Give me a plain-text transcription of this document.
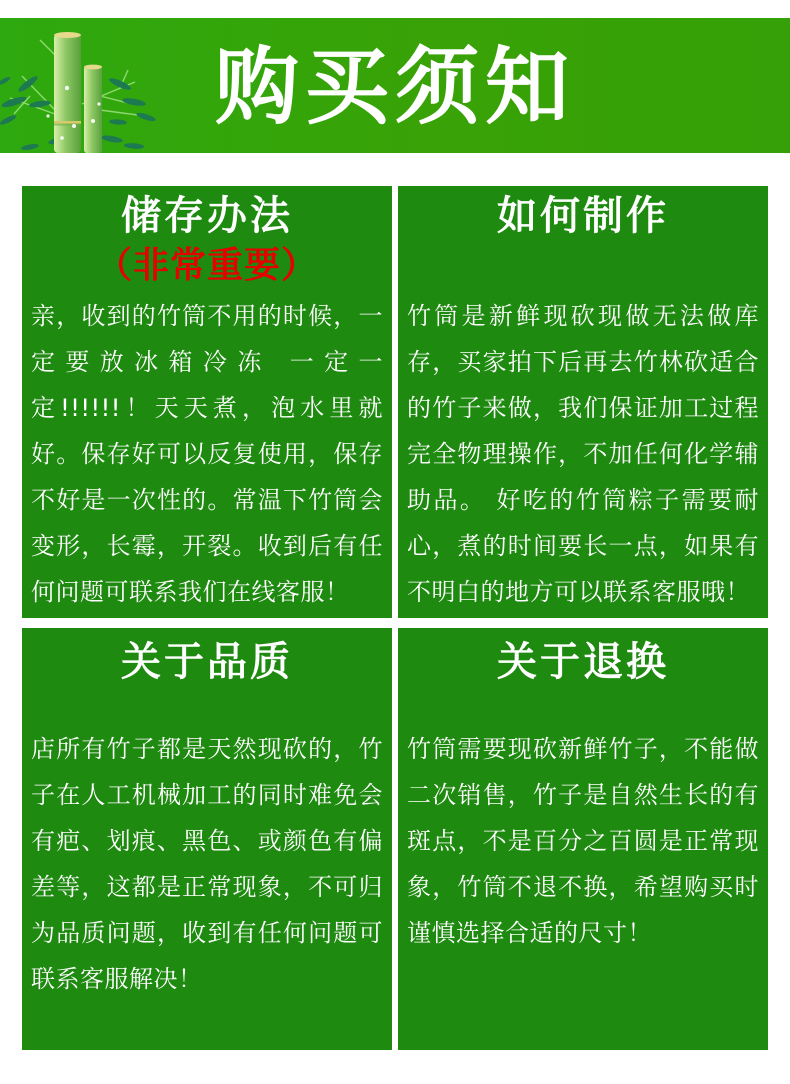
购买须知
储存办法
（非常重要）

亲，收到的竹筒不用的时候，一定要放冰箱冷冻 一定一定!!!!!!！天天煮，泡水里就好。保存好可以反复使用，保存不好是一次性的。常温下竹筒会变形，长霉，开裂。收到后有任何问题可联系我们在线客服！

如何制作

竹筒是新鲜现砍现做无法做库存，买家拍下后再去竹林砍适合的竹子来做，我们保证加工过程完全物理操作，不加任何化学辅助品。 好吃的竹筒粽子需要耐心，煮的时间要长一点，如果有不明白的地方可以联系客服哦！

关于品质

店所有竹子都是天然现砍的，竹子在人工机械加工的同时难免会有疤、划痕、黑色、或颜色有偏差等，这都是正常现象，不可归为品质问题，收到有任何问题可联系客服解决！

关于退换

竹筒需要现砍新鲜竹子，不能做二次销售，竹子是自然生长的有斑点，不是百分之百圆是正常现象，竹筒不退不换，希望购买时谨慎选择合适的尺寸！
